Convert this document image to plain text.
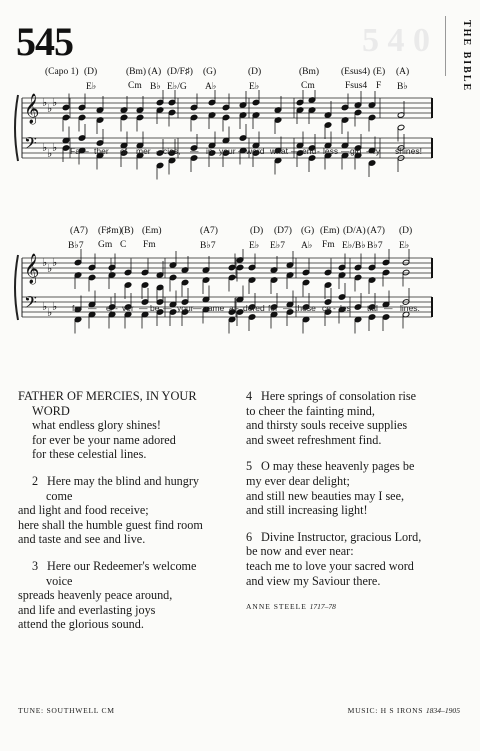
545	5 4 0	THE BIBLE
(Capo 1) (D)	(Bm) (A) (D/F♯) (G)	(D)	(Bm) (Esus4) (E) (A)
E♭	Cm B♭ E♭/G A♭	E♭	Cm	Fsus4 F B♭
𝄞
𝄢
♭
♭
♭
♭
♭
♭ Fa – ther of mer - cies, — in your – word what — end - less — glo - ry shines!
(A7) (F♯m) (B) (Em)	(A7)	(D) (D7) (G) (Em) (D/A) (A7) (D)
B♭7 Gm C Fm	B♭7	E♭ E♭7 A♭ Fm E♭/B♭ B♭7 E♭
𝄞
𝄢
♭
♭
♭
♭
♭
♭ for — e - ver — be — your — name a - dored for — these ce - les - tial — lines.

FATHER OF MERCIES, IN YOUR

WORD

what endless glory shines!

for ever be your name adored

for these celestial lines.

2 Here may the blind and hungry

come

and light and food receive;

here shall the humble guest find room

and taste and see and live.

3 Here our Redeemer's welcome

voice

spreads heavenly peace around,

and life and everlasting joys

attend the glorious sound.

4 Here springs of consolation rise

to cheer the fainting mind,

and thirsty souls receive supplies

and sweet refreshment find.

5 O may these heavenly pages be

my ever dear delight;

and still new beauties may I see,

and still increasing light!

6 Divine Instructor, gracious Lord,

be now and ever near:

teach me to love your sacred word

and view my Saviour there.

ANNE STEELE 1717–78
TUNE: SOUTHWELL CM	MUSIC: H S IRONS 1834–1905
